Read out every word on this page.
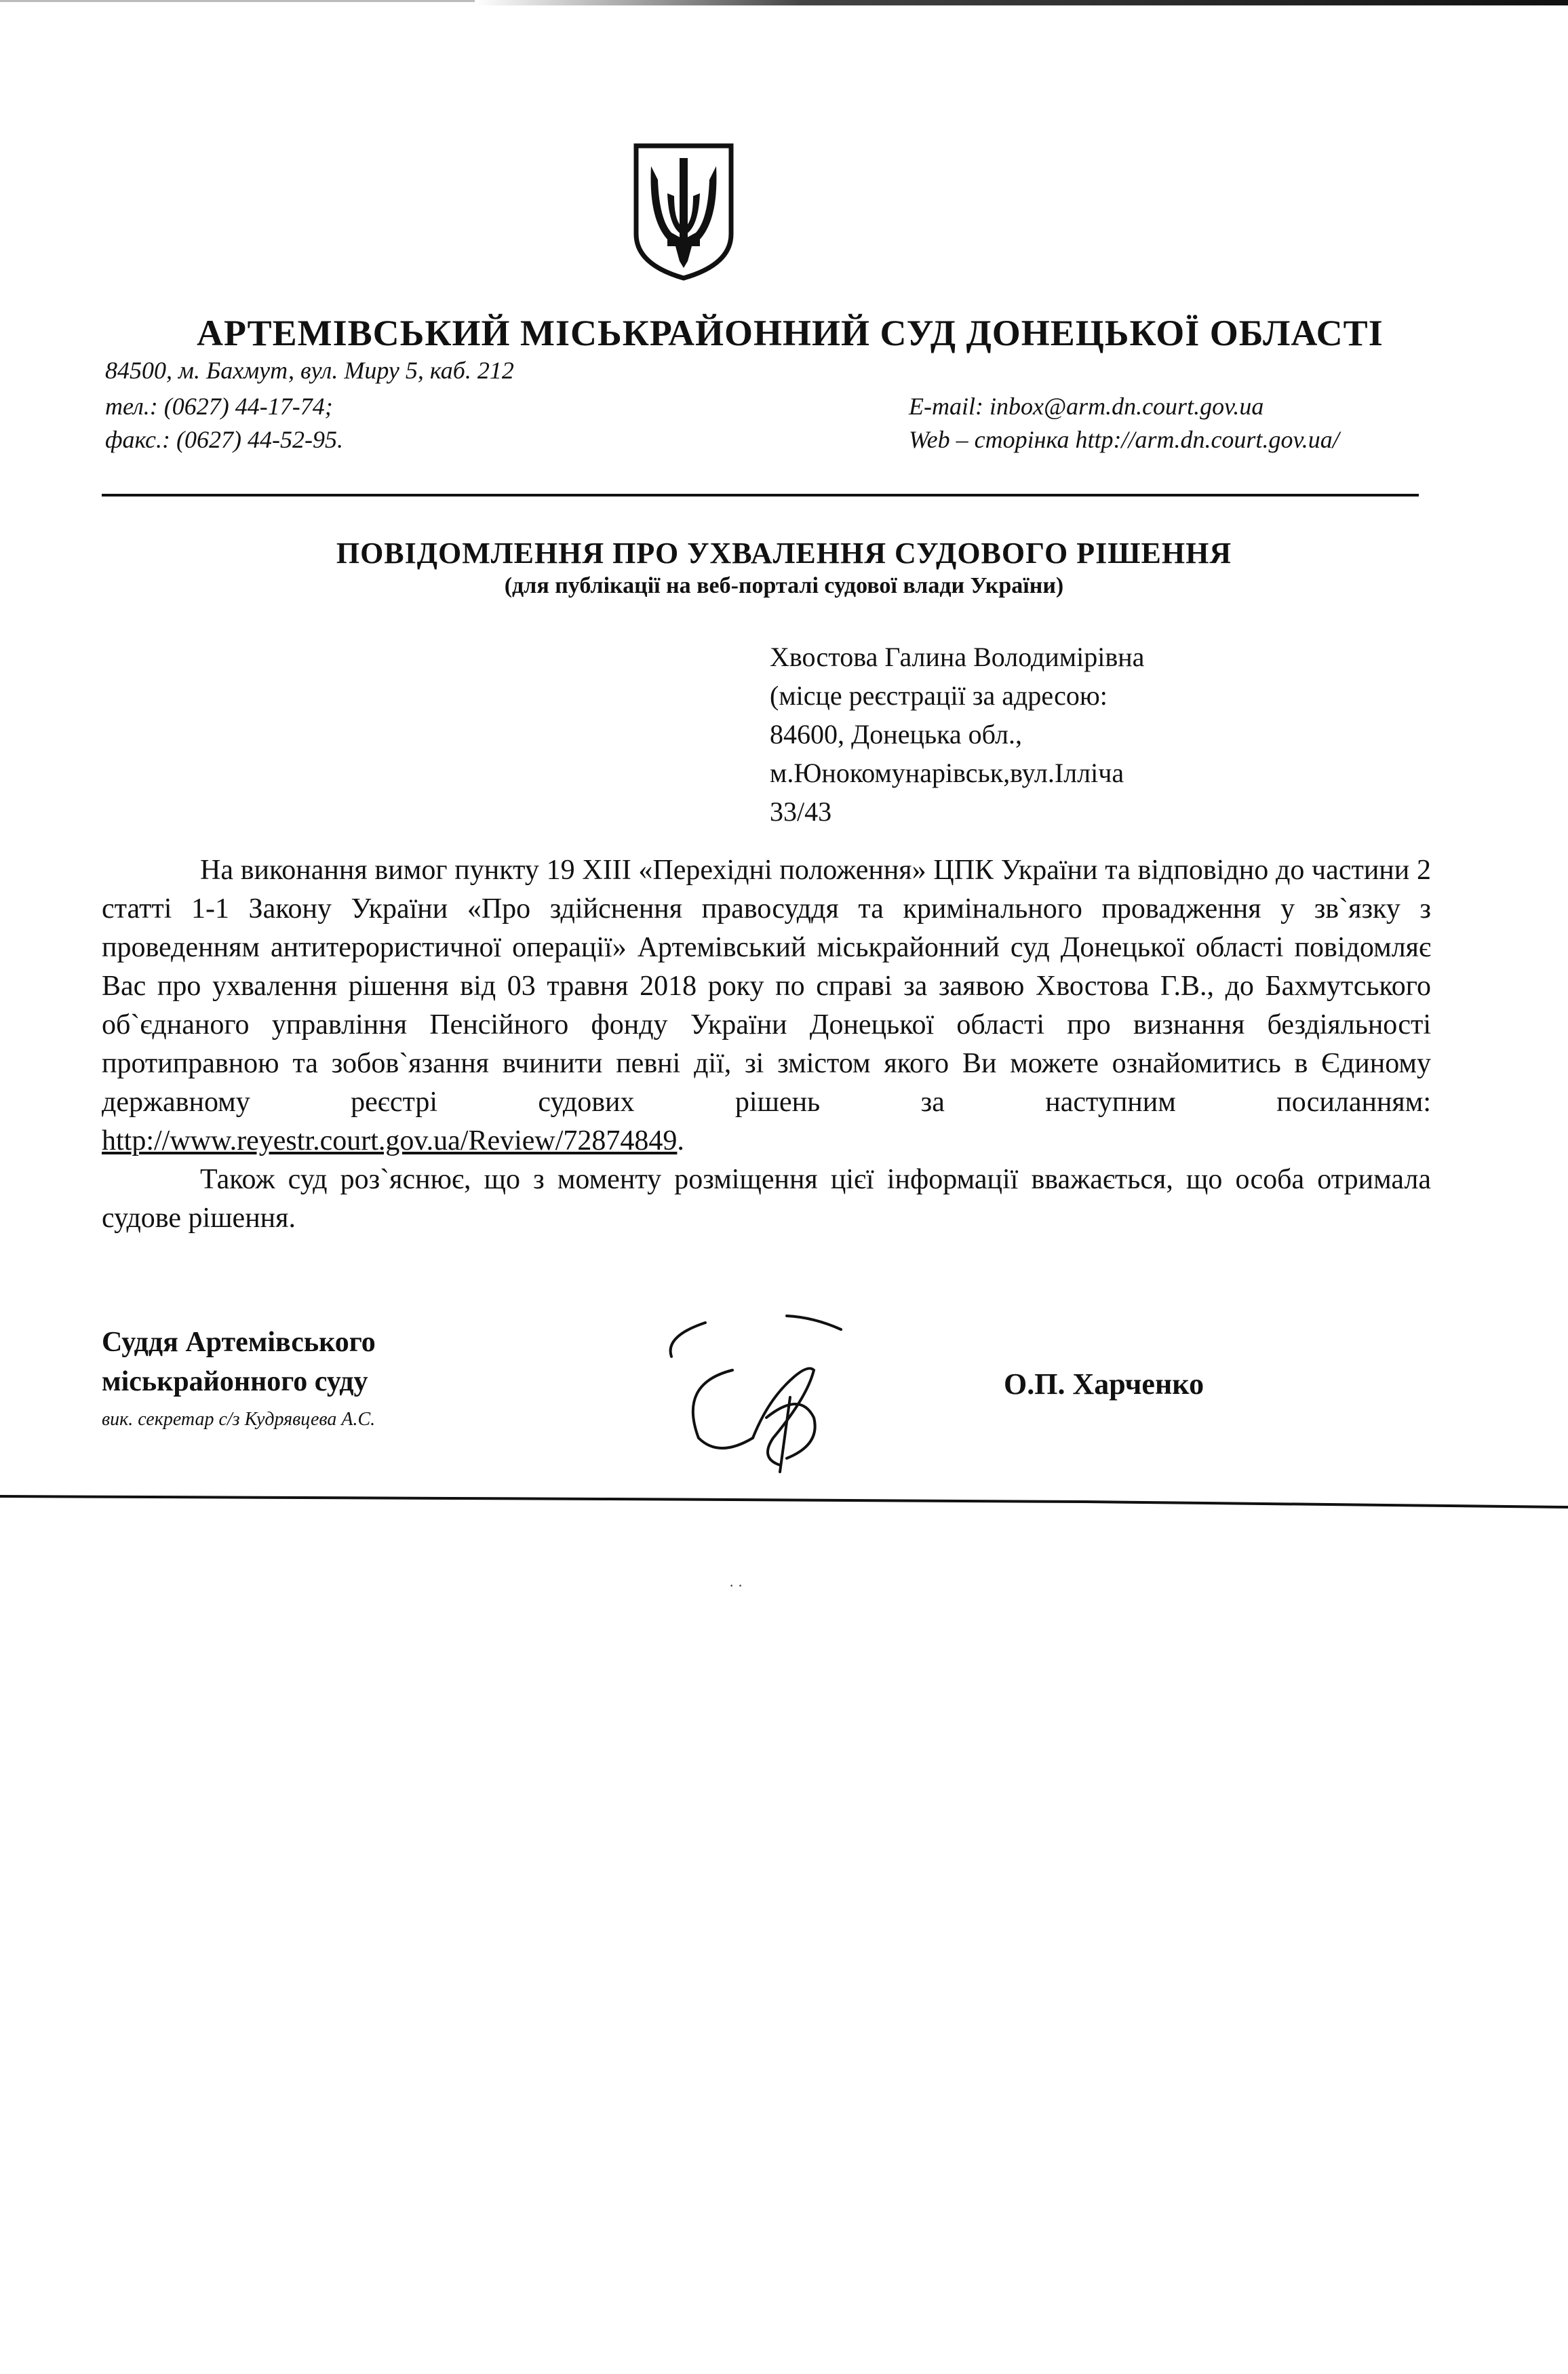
АРТЕМІВСЬКИЙ МІСЬКРАЙОННИЙ СУД ДОНЕЦЬКОЇ ОБЛАСТІ
84500, м. Бахмут, вул. Миру 5, каб. 212
тел.: (0627) 44-17-74;
факс.: (0627) 44-52-95.
E-mail: inbox@arm.dn.court.gov.ua
Web – сторінка http://arm.dn.court.gov.ua/
ПОВІДОМЛЕННЯ ПРО УХВАЛЕННЯ СУДОВОГО РІШЕННЯ
(для публікації на веб-порталі судової влади України)
Хвостова Галина Володимірівна
(місце реєстрації за адресою:
84600, Донецька обл.,
м.Юнокомунарівськ,вул.Ілліча
33/43

На виконання вимог пункту 19 ХІІІ «Перехідні положення» ЦПК України та відповідно до частини 2 статті 1-1 Закону України «Про здійснення правосуддя та кримінального провадження у зв`язку з проведенням антитерористичної операції» Артемівський міськрайонний суд Донецької області повідомляє Вас про ухвалення рішення від 03 травня 2018 року по справі за заявою Хвостова Г.В., до Бахмутського об`єднаного управління Пенсійного фонду України Донецької області про визнання бездіяльності протиправною та зобов`язання вчинити певні дії, зі змістом якого Ви можете ознайомитись в Єдиному державному реєстрі судових рішень за наступним посиланням: http://www.reyestr.court.gov.ua/Review/72874849.

Також суд роз`яснює, що з моменту розміщення цієї інформації вважається, що особа отримала судове рішення.

Суддя Артемівського
міськрайонного суду
вик. секретар с/з Кудрявцева А.С.
О.П. Харченко
· ·
